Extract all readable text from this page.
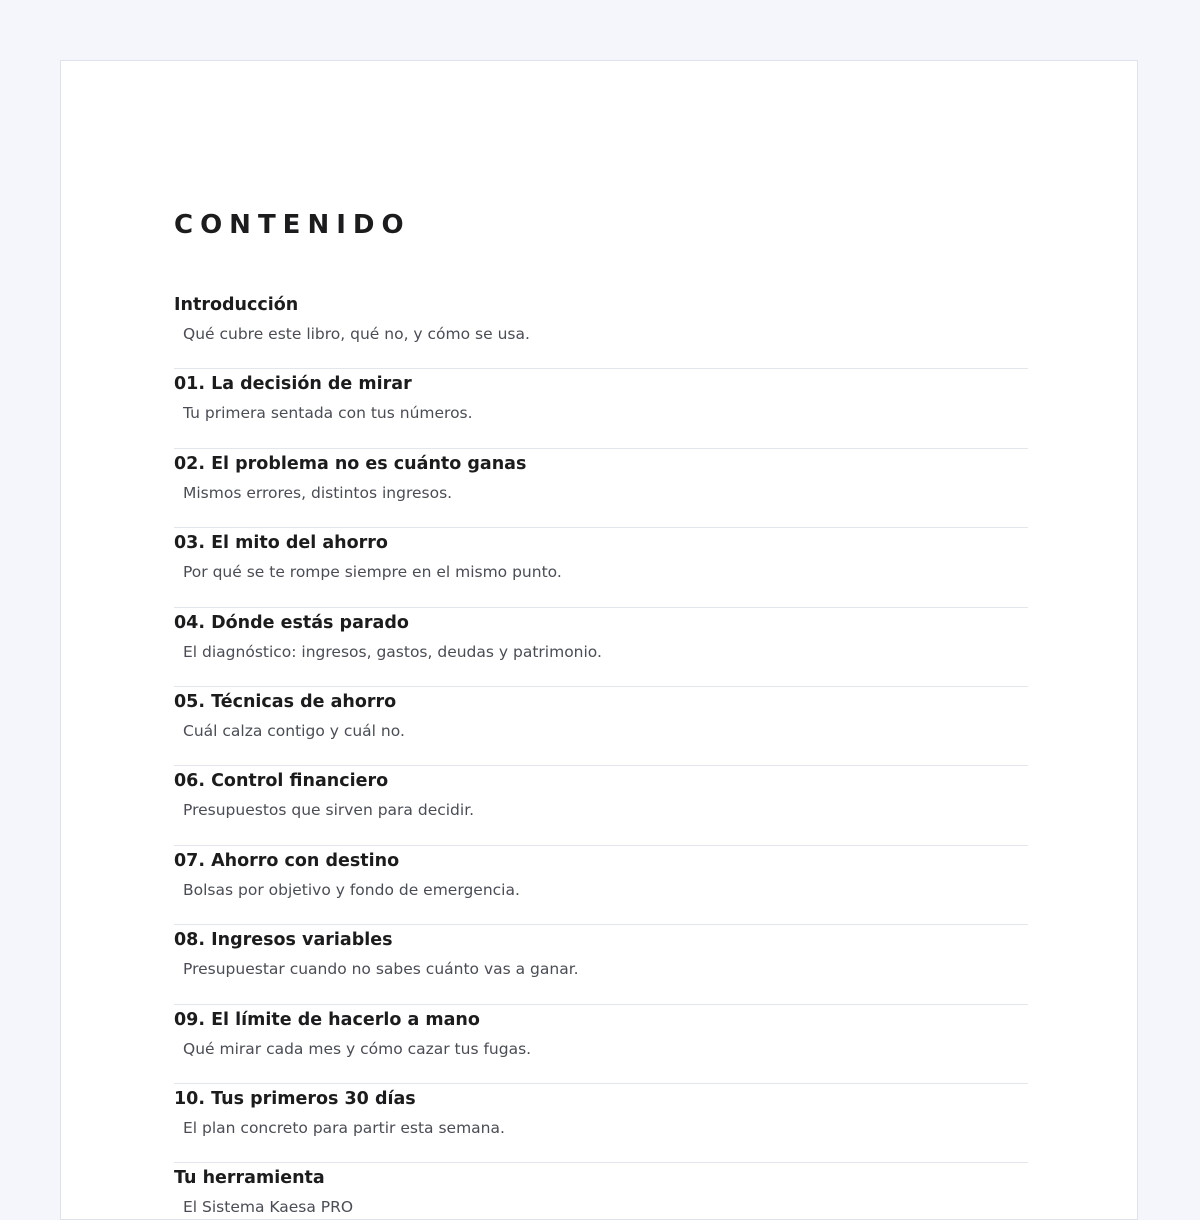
CONTENIDO
Introducción
Qué cubre este libro, qué no, y cómo se usa.
01. La decisión de mirar
Tu primera sentada con tus números.
02. El problema no es cuánto ganas
Mismos errores, distintos ingresos.
03. El mito del ahorro
Por qué se te rompe siempre en el mismo punto.
04. Dónde estás parado
El diagnóstico: ingresos, gastos, deudas y patrimonio.
05. Técnicas de ahorro
Cuál calza contigo y cuál no.
06. Control financiero
Presupuestos que sirven para decidir.
07. Ahorro con destino
Bolsas por objetivo y fondo de emergencia.
08. Ingresos variables
Presupuestar cuando no sabes cuánto vas a ganar.
09. El límite de hacerlo a mano
Qué mirar cada mes y cómo cazar tus fugas.
10. Tus primeros 30 días
El plan concreto para partir esta semana.
Tu herramienta
El Sistema Kaesa PRO
